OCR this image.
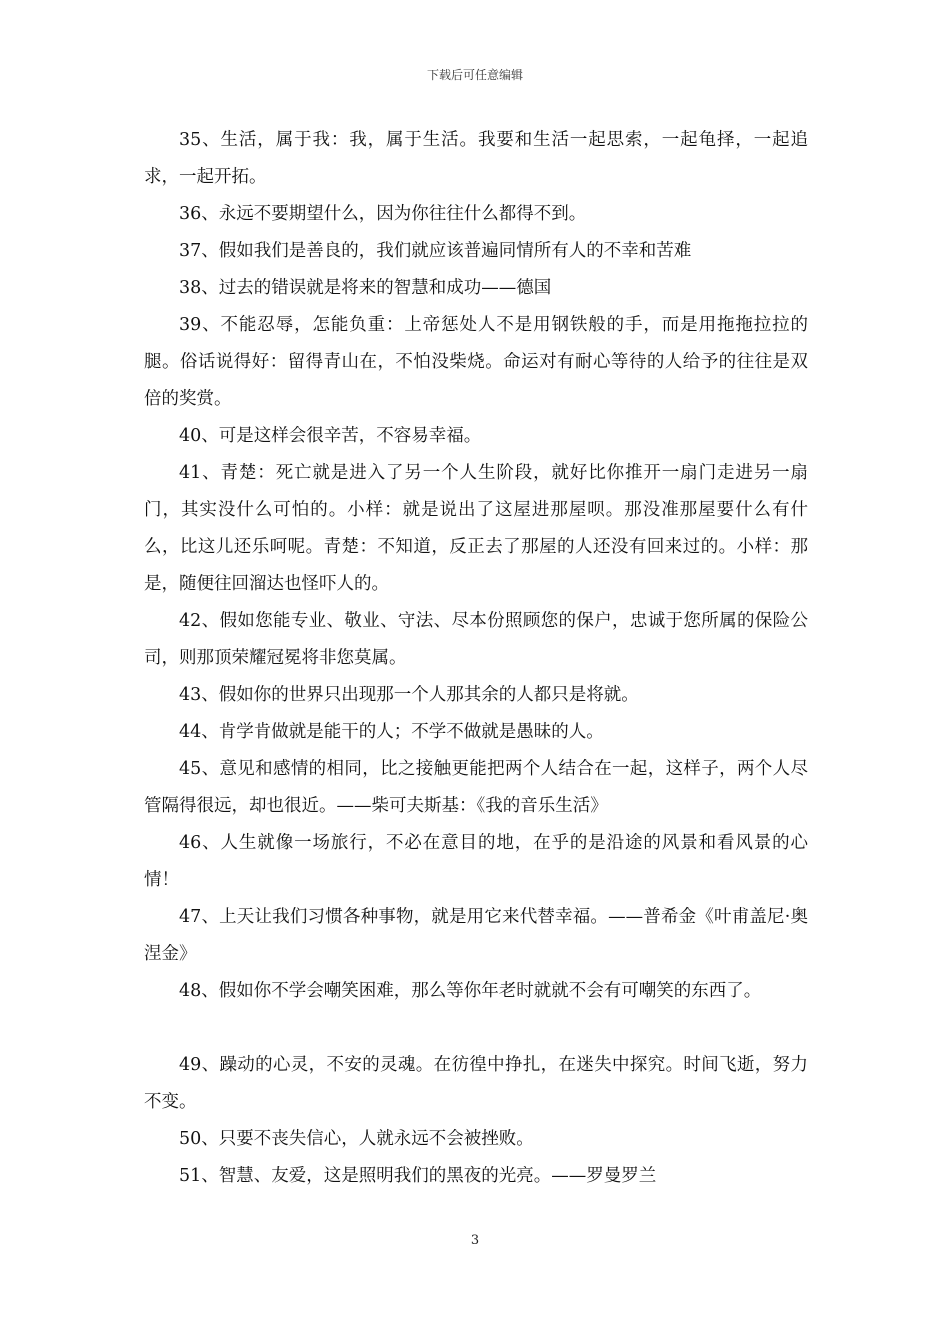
下载后可任意编辑

35、生活，属于我：我，属于生活。我要和生活一起思索，一起龟择，一起追求，一起开拓。

36、永远不要期望什么，因为你往往什么都得不到。

37、假如我们是善良的，我们就应该普遍同情所有人的不幸和苦难

38、过去的错误就是将来的智慧和成功——德国

39、不能忍辱，怎能负重：上帝惩处人不是用钢铁般的手，而是用拖拖拉拉的腿。俗话说得好：留得青山在，不怕没柴烧。命运对有耐心等待的人给予的往往是双倍的奖赏。

40、可是这样会很辛苦，不容易幸福。

41、青楚：死亡就是进入了另一个人生阶段，就好比你推开一扇门走进另一扇门，其实没什么可怕的。小样：就是说出了这屋进那屋呗。那没准那屋要什么有什么，比这儿还乐呵呢。青楚：不知道，反正去了那屋的人还没有回来过的。小样：那是，随便往回溜达也怪吓人的。

42、假如您能专业、敬业、守法、尽本份照顾您的保户，忠诚于您所属的保险公司，则那顶荣耀冠冕将非您莫属。

43、假如你的世界只出现那一个人那其余的人都只是将就。

44、肯学肯做就是能干的人；不学不做就是愚昧的人。

45、意见和感情的相同，比之接触更能把两个人结合在一起，这样子，两个人尽管隔得很远，却也很近。——柴可夫斯基：《我的音乐生活》

46、人生就像一场旅行，不必在意目的地，在乎的是沿途的风景和看风景的心情！

47、上天让我们习惯各种事物，就是用它来代替幸福。——普希金《叶甫盖尼·奥涅金》

48、假如你不学会嘲笑困难，那么等你年老时就就不会有可嘲笑的东西了。

49、躁动的心灵，不安的灵魂。在彷徨中挣扎，在迷失中探究。时间飞逝，努力不变。

50、只要不丧失信心，人就永远不会被挫败。

51、智慧、友爱，这是照明我们的黑夜的光亮。——罗曼罗兰

3
